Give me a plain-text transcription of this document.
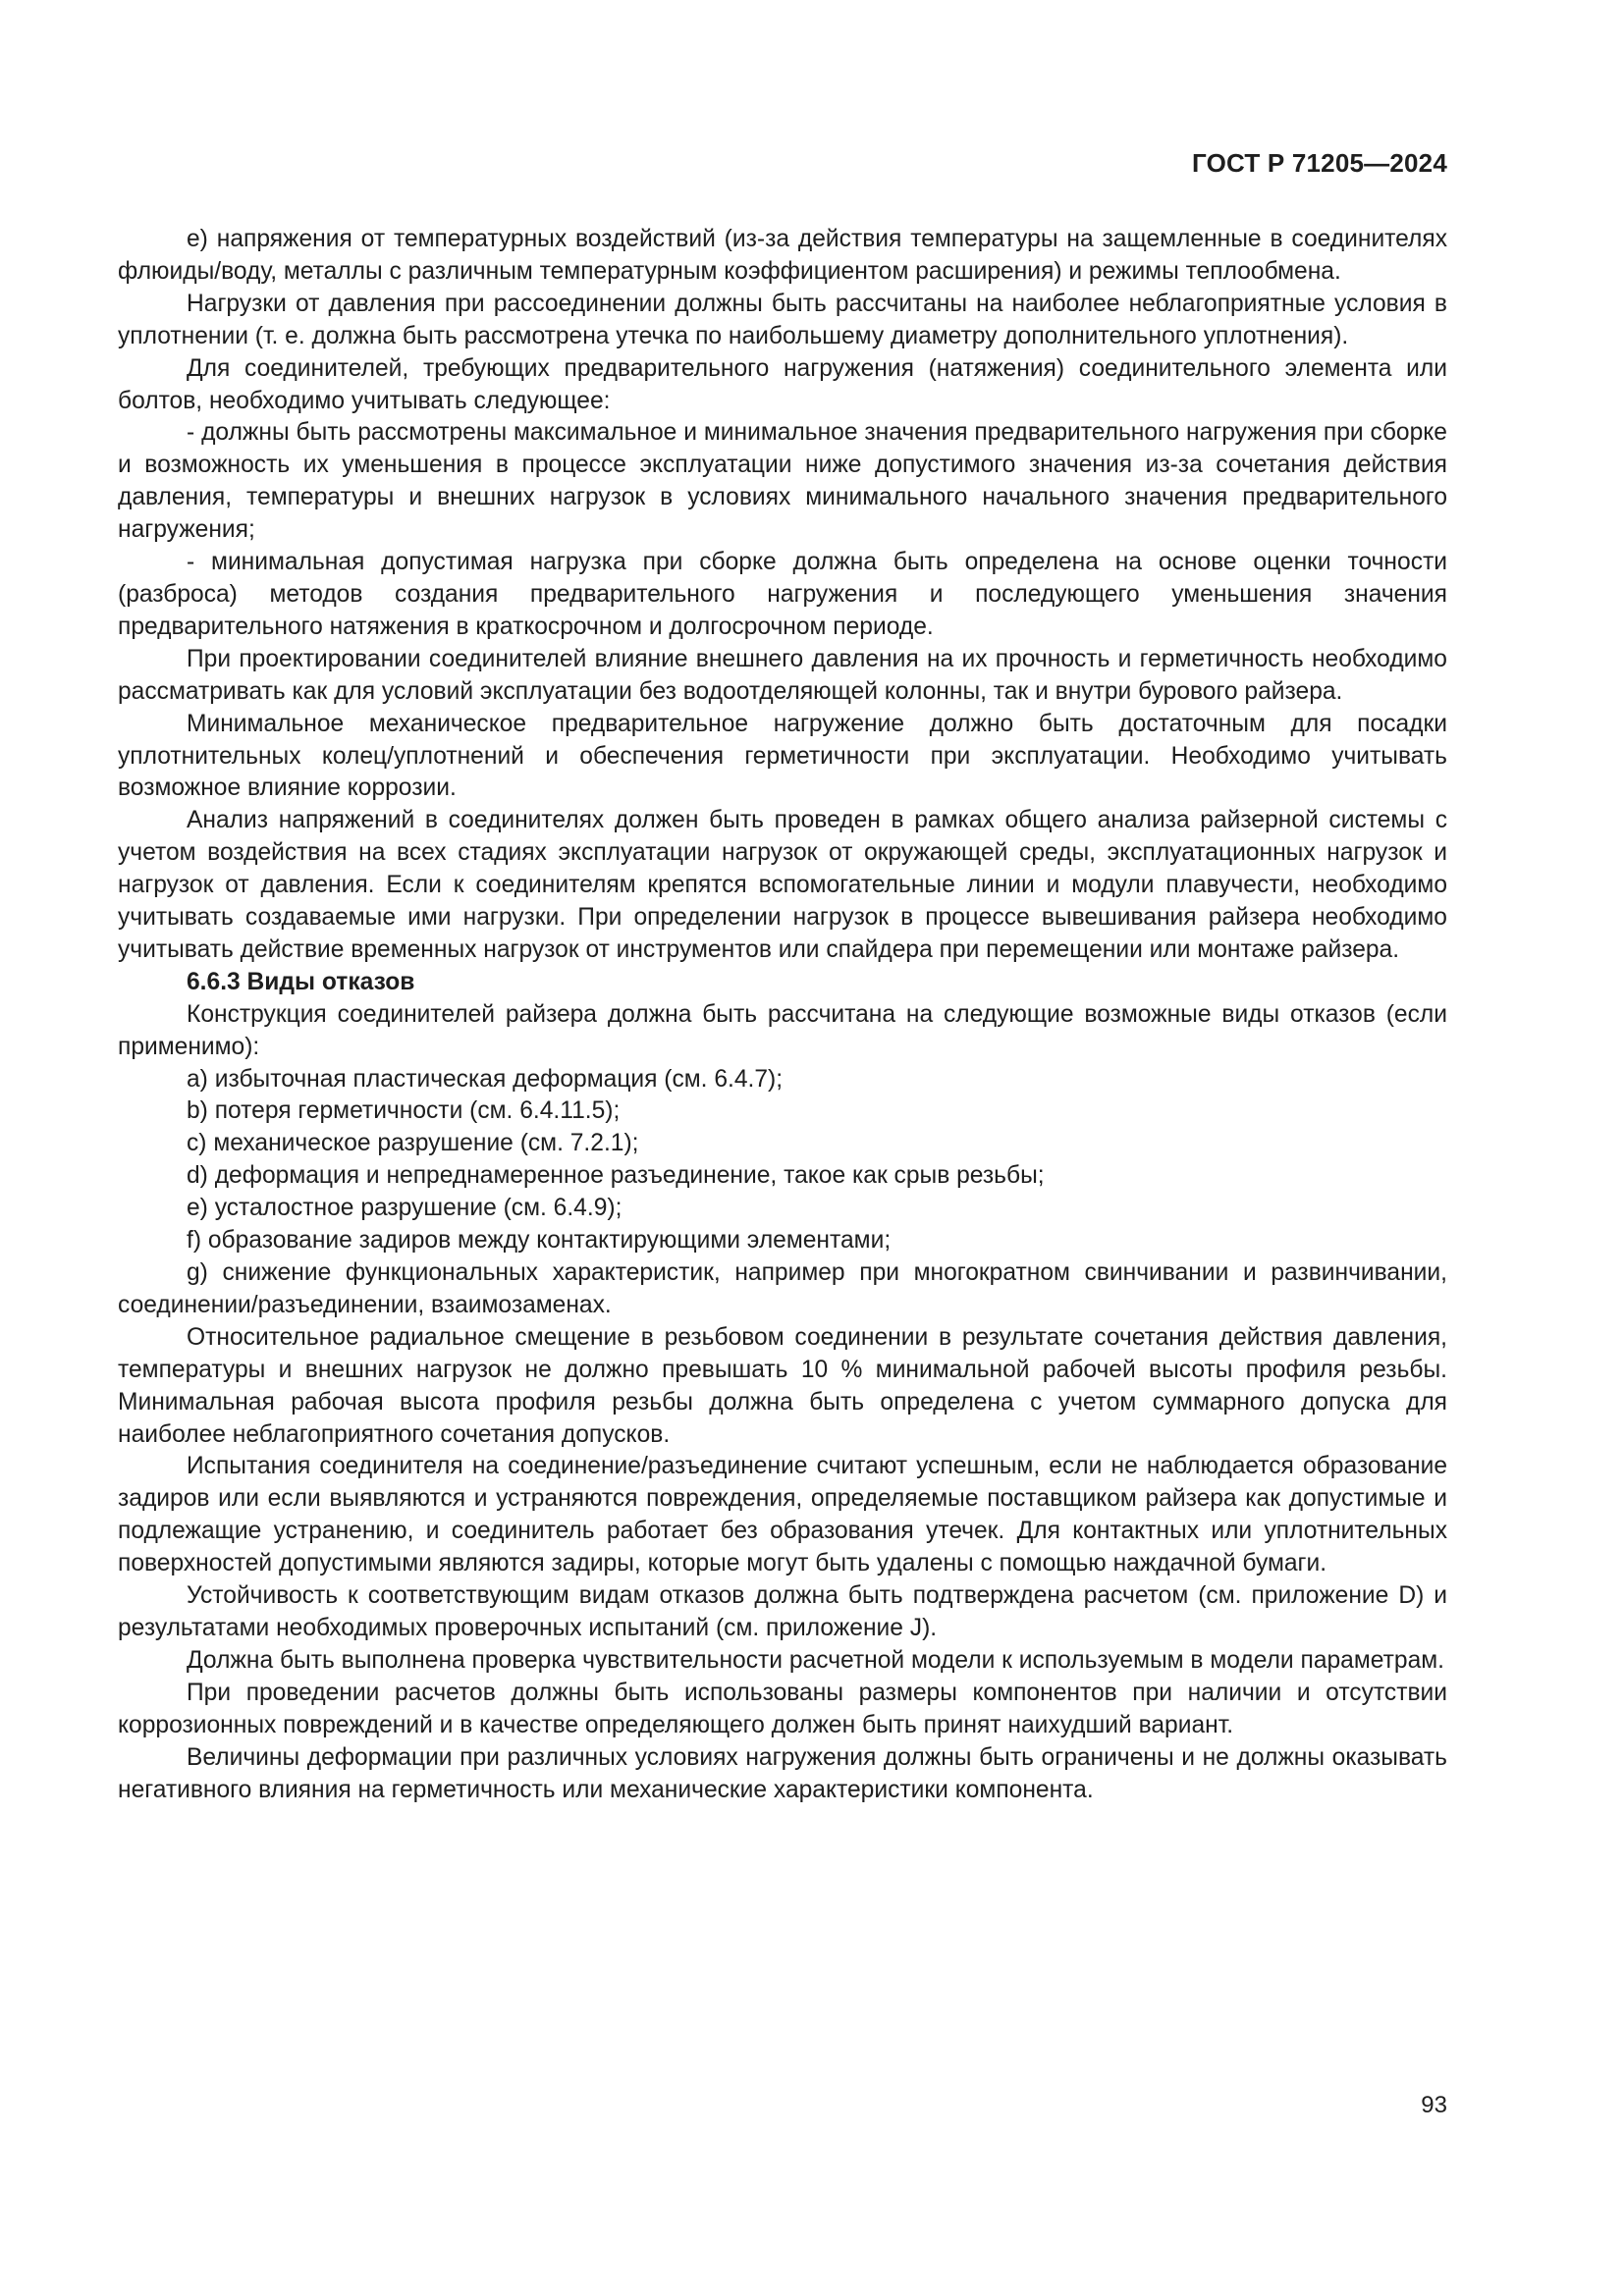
ГОСТ Р 71205—2024

е) напряжения от температурных воздействий (из-за действия температуры на защемленные в соединителях флюиды/воду, металлы с различным температурным коэффициентом расширения) и режимы теплообмена.

Нагрузки от давления при рассоединении должны быть рассчитаны на наиболее неблагоприятные условия в уплотнении (т. е. должна быть рассмотрена утечка по наибольшему диаметру дополнительного уплотнения).

Для соединителей, требующих предварительного нагружения (натяжения) соединительного элемента или болтов, необходимо учитывать следующее:

- должны быть рассмотрены максимальное и минимальное значения предварительного нагружения при сборке и возможность их уменьшения в процессе эксплуатации ниже допустимого значения из-за сочетания действия давления, температуры и внешних нагрузок в условиях минимального начального значения предварительного нагружения;

- минимальная допустимая нагрузка при сборке должна быть определена на основе оценки точности (разброса) методов создания предварительного нагружения и последующего уменьшения значения предварительного натяжения в краткосрочном и долгосрочном периоде.

При проектировании соединителей влияние внешнего давления на их прочность и герметичность необходимо рассматривать как для условий эксплуатации без водоотделяющей колонны, так и внутри бурового райзера.

Минимальное механическое предварительное нагружение должно быть достаточным для посадки уплотнительных колец/уплотнений и обеспечения герметичности при эксплуатации. Необходимо учитывать возможное влияние коррозии.

Анализ напряжений в соединителях должен быть проведен в рамках общего анализа райзерной системы с учетом воздействия на всех стадиях эксплуатации нагрузок от окружающей среды, эксплуатационных нагрузок и нагрузок от давления. Если к соединителям крепятся вспомогательные линии и модули плавучести, необходимо учитывать создаваемые ими нагрузки. При определении нагрузок в процессе вывешивания райзера необходимо учитывать действие временных нагрузок от инструментов или спайдера при перемещении или монтаже райзера.

6.6.3 Виды отказов

Конструкция соединителей райзера должна быть рассчитана на следующие возможные виды отказов (если применимо):

a) избыточная пластическая деформация (см. 6.4.7);

b) потеря герметичности (см. 6.4.11.5);

c) механическое разрушение (см. 7.2.1);

d) деформация и непреднамеренное разъединение, такое как срыв резьбы;

e) усталостное разрушение (см. 6.4.9);

f) образование задиров между контактирующими элементами;

g) снижение функциональных характеристик, например при многократном свинчивании и развинчивании, соединении/разъединении, взаимозаменах.

Относительное радиальное смещение в резьбовом соединении в результате сочетания действия давления, температуры и внешних нагрузок не должно превышать 10 % минимальной рабочей высоты профиля резьбы. Минимальная рабочая высота профиля резьбы должна быть определена с учетом суммарного допуска для наиболее неблагоприятного сочетания допусков.

Испытания соединителя на соединение/разъединение считают успешным, если не наблюдается образование задиров или если выявляются и устраняются повреждения, определяемые поставщиком райзера как допустимые и подлежащие устранению, и соединитель работает без образования утечек. Для контактных или уплотнительных поверхностей допустимыми являются задиры, которые могут быть удалены с помощью наждачной бумаги.

Устойчивость к соответствующим видам отказов должна быть подтверждена расчетом (см. приложение D) и результатами необходимых проверочных испытаний (см. приложение J).

Должна быть выполнена проверка чувствительности расчетной модели к используемым в модели параметрам.

При проведении расчетов должны быть использованы размеры компонентов при наличии и отсутствии коррозионных повреждений и в качестве определяющего должен быть принят наихудший вариант.

Величины деформации при различных условиях нагружения должны быть ограничены и не должны оказывать негативного влияния на герметичность или механические характеристики компонента.

93
